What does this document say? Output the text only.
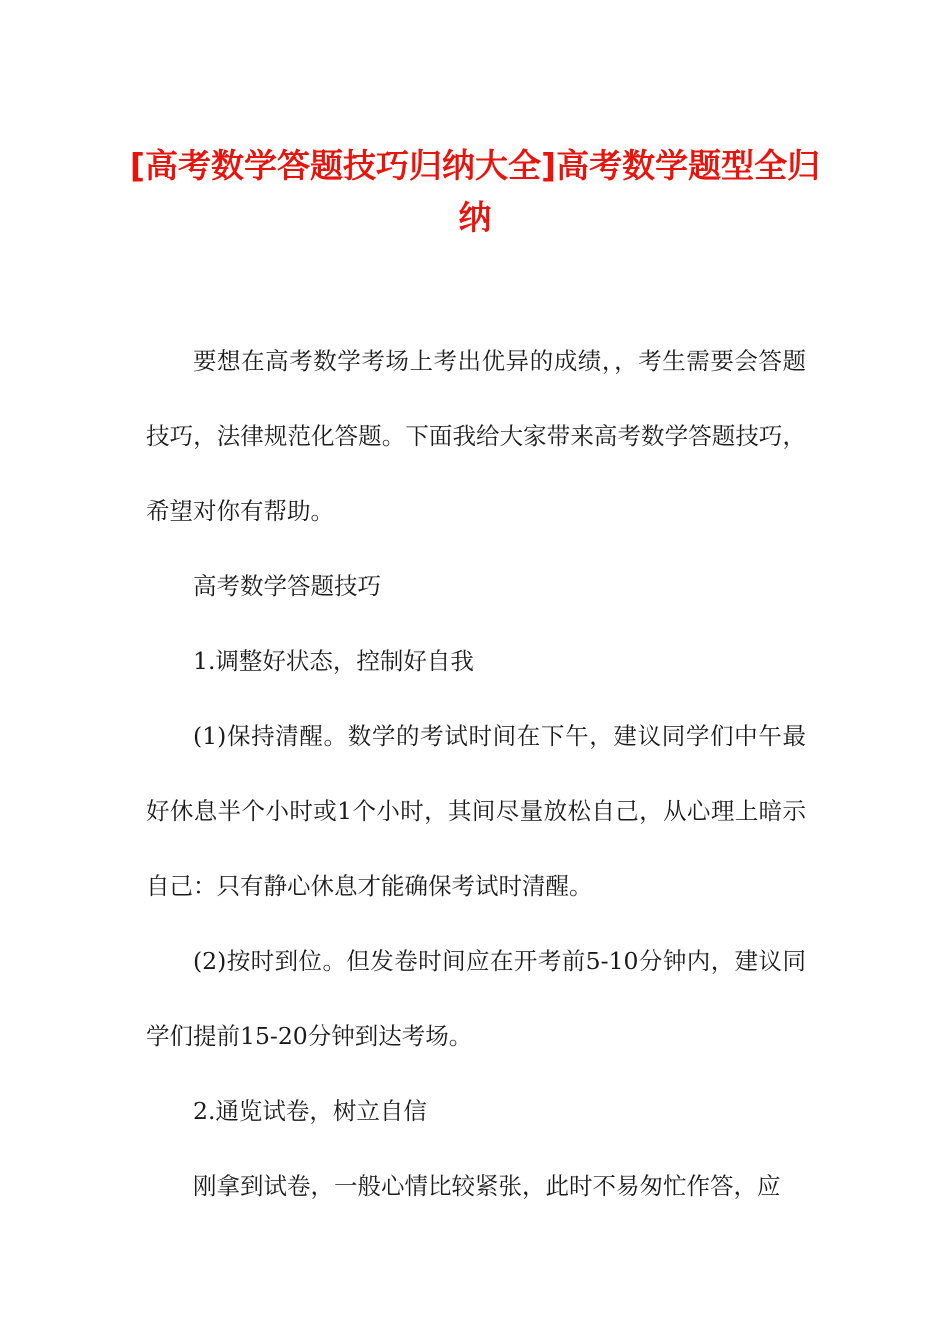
[高考数学答题技巧归纳大全]高考数学题型全归纳

要想在高考数学考场上考出优异的成绩，，考生需要会答题技巧，法律规范化答题。下面我给大家带来高考数学答题技巧，希望对你有帮助。

高考数学答题技巧

1.调整好状态，控制好自我

(1)保持清醒。数学的考试时间在下午，建议同学们中午最好休息半个小时或1个小时，其间尽量放松自己，从心理上暗示自己：只有静心休息才能确保考试时清醒。

(2)按时到位。但发卷时间应在开考前5-10分钟内，建议同学们提前15-20分钟到达考场。

2.通览试卷，树立自信

刚拿到试卷，一般心情比较紧张，此时不易匆忙作答，应
